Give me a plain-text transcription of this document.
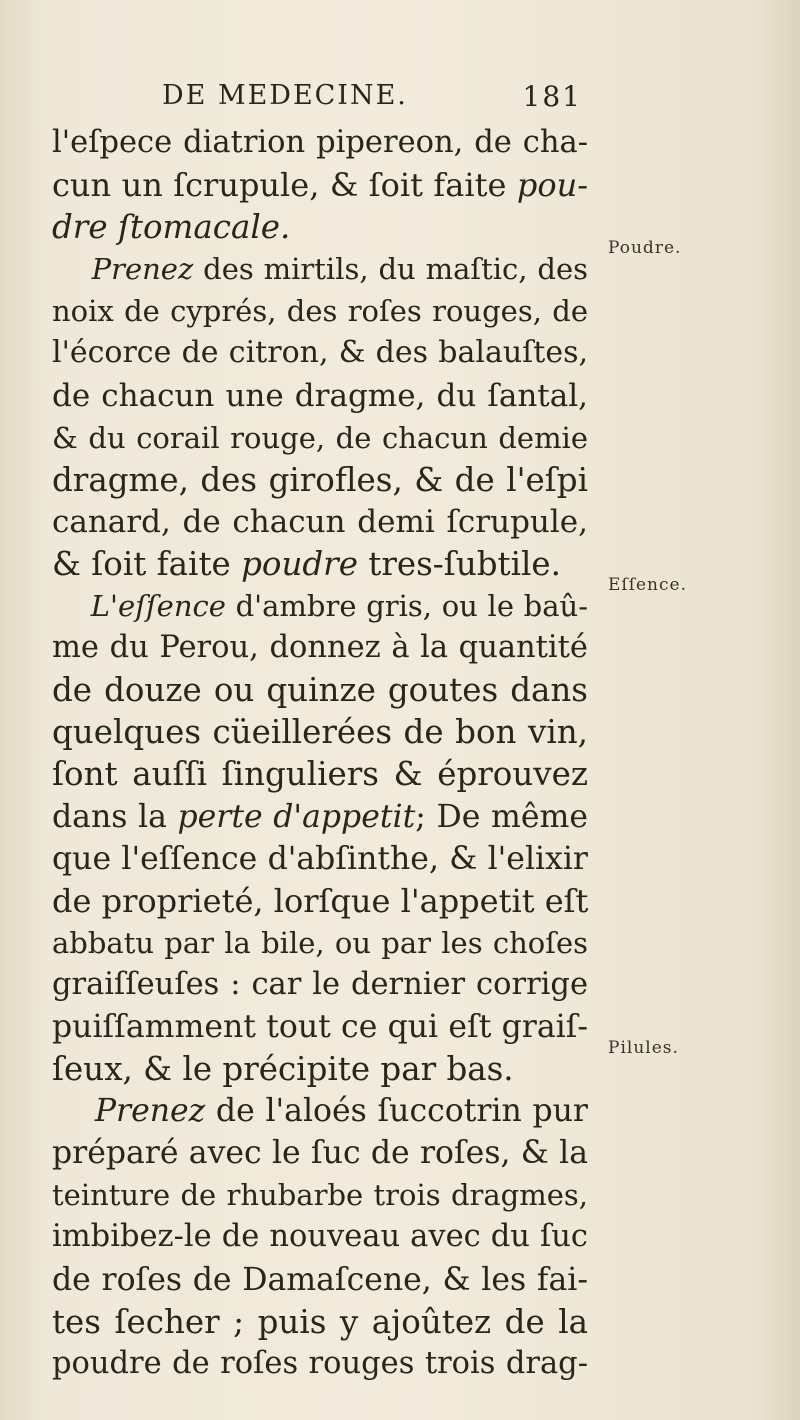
DE MEDECINE.	181
l'eſpece diatrion pipereon, de cha-
cun un ſcrupule, & ſoit faite pou-
dre ſtomacale.
Prenez des mirtils, du maſtic, des
noix de cyprés, des roſes rouges, de
l'écorce de citron, & des balauſtes,
de chacun une dragme, du ſantal,
& du corail rouge, de chacun demie
dragme, des girofles, & de l'eſpi
canard, de chacun demi ſcrupule,
& ſoit faite poudre tres-ſubtile.
L'eſſence d'ambre gris, ou le baû-
me du Perou, donnez à la quantité
de douze ou quinze goutes dans
quelques cüeillerées de bon vin,
ſont auſſi ſinguliers & éprouvez
dans la perte d'appetit; De même
que l'eſſence d'abſinthe, & l'elixir
de proprieté, lorſque l'appetit eſt
abbatu par la bile, ou par les choſes
graiſſeuſes : car le dernier corrige
puiſſamment tout ce qui eſt graiſ-
ſeux, & le précipite par bas.
Prenez de l'aloés ſuccotrin pur
préparé avec le ſuc de roſes, & la
teinture de rhubarbe trois dragmes,
imbibez-le de nouveau avec du ſuc
de roſes de Damaſcene, & les fai-
tes ſecher ; puis y ajoûtez de la
poudre de roſes rouges trois drag-
Poudre.
Eſſence.
Pilules.
